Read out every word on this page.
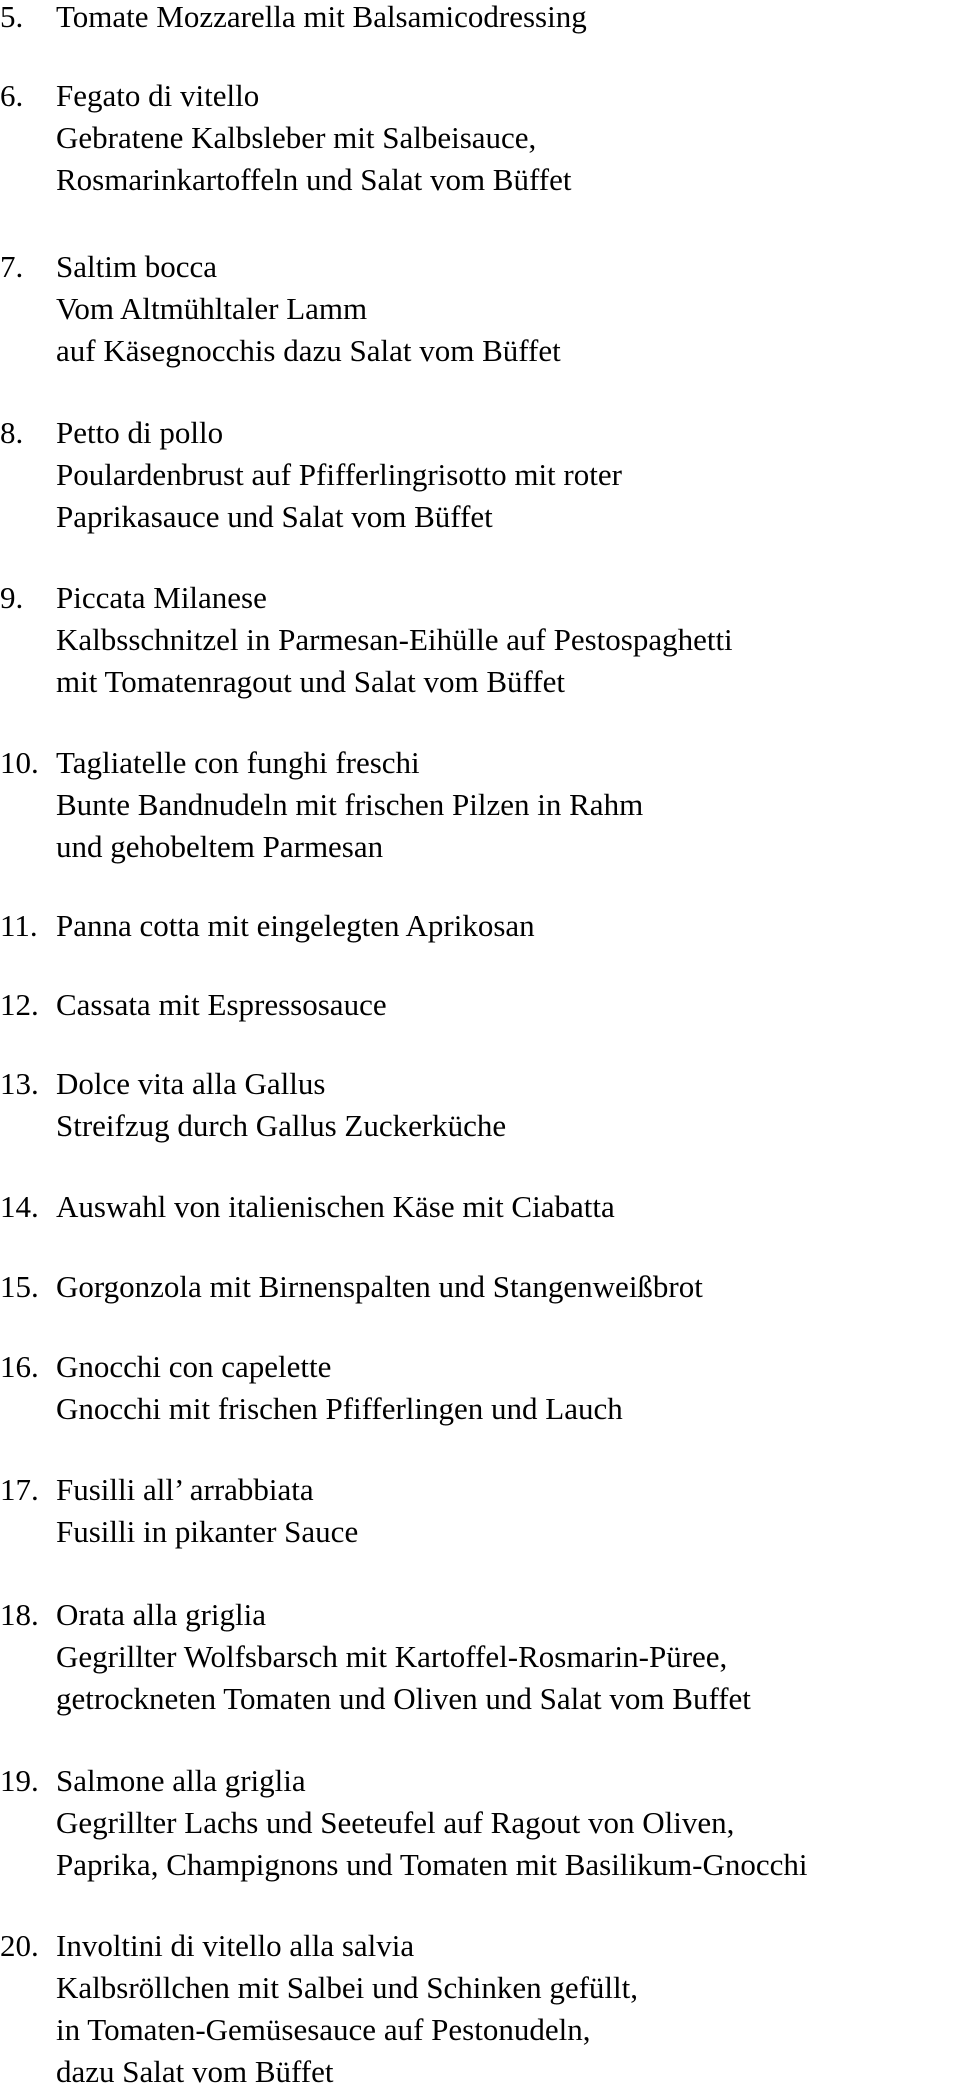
5.	Tomate Mozzarella mit Balsamicodressing
6.	Fegato di vitello
Gebratene Kalbsleber mit Salbeisauce,
Rosmarinkartoffeln und Salat vom Büffet
7.	Saltim bocca
Vom Altmühltaler Lamm
auf Käsegnocchis dazu Salat vom Büffet
8.	Petto di pollo
Poulardenbrust auf Pfifferlingrisotto mit roter
Paprikasauce und Salat vom Büffet
9.	Piccata Milanese
Kalbsschnitzel in Parmesan-Eihülle auf Pestospaghetti
mit Tomatenragout und Salat vom Büffet
10. Tagliatelle con funghi freschi
Bunte Bandnudeln mit frischen Pilzen in Rahm
und gehobeltem Parmesan
11. Panna cotta mit eingelegten Aprikosan
12. Cassata mit Espressosauce
13. Dolce vita alla Gallus
Streifzug durch Gallus Zuckerküche
14. Auswahl von italienischen Käse mit Ciabatta
15. Gorgonzola mit Birnenspalten und Stangenweißbrot
16. Gnocchi con capelette
Gnocchi mit frischen Pfifferlingen und Lauch
17. Fusilli all’ arrabbiata
Fusilli in pikanter Sauce
18. Orata alla griglia
Gegrillter Wolfsbarsch mit Kartoffel-Rosmarin-Püree,
getrockneten Tomaten und Oliven und Salat vom Buffet
19. Salmone alla griglia
Gegrillter Lachs und Seeteufel auf Ragout von Oliven,
Paprika, Champignons und Tomaten mit Basilikum-Gnocchi
20. Involtini di vitello alla salvia
Kalbsröllchen mit Salbei und Schinken gefüllt,
in Tomaten-Gemüsesauce auf Pestonudeln,
dazu Salat vom Büffet
